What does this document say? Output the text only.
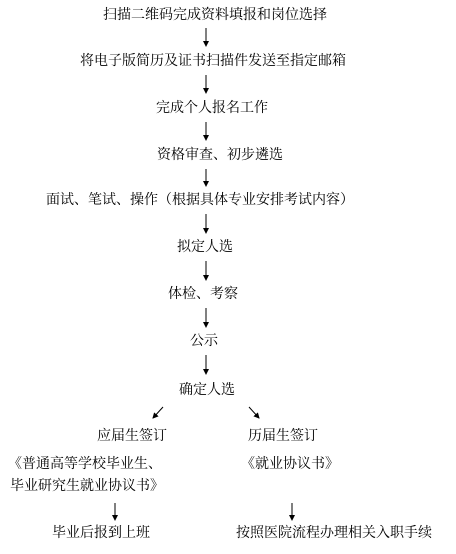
扫描二维码完成资料填报和岗位选择
将电子版简历及证书扫描件发送至指定邮箱
完成个人报名工作
资格审查、初步遴选
面试、笔试、操作（根据具体专业安排考试内容）
拟定人选
体检、考察
公示
确定人选
应届生签订
《普通高等学校毕业生、
毕业研究生就业协议书》
历届生签订
《就业协议书》
毕业后报到上班	按照医院流程办理相关入职手续
